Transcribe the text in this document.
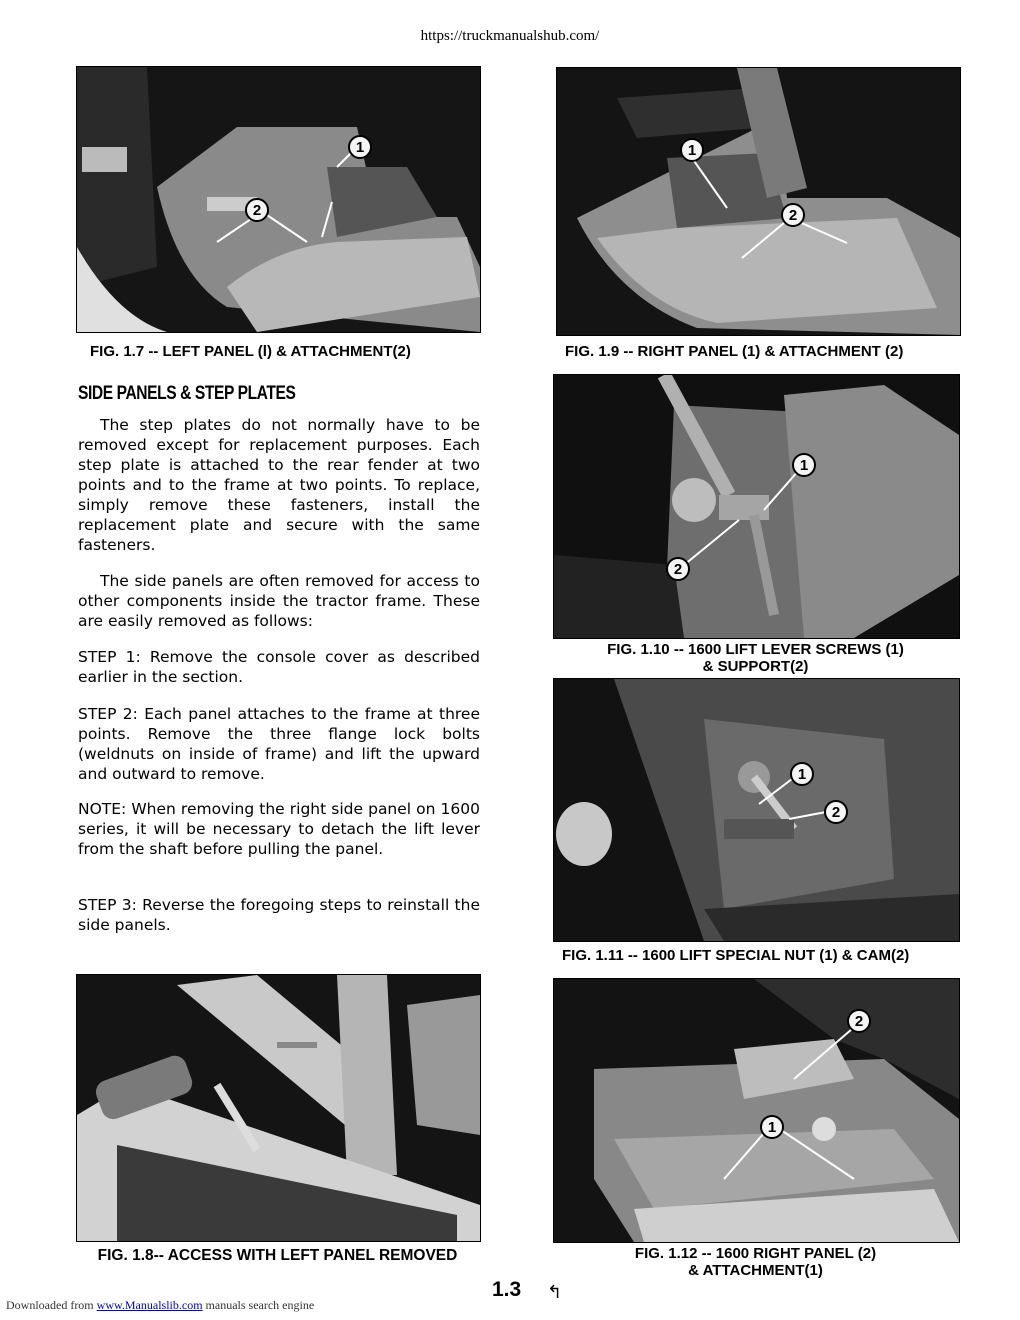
https://truckmanualshub.com/
1
2
FIG. 1.7 -- LEFT PANEL (l) & ATTACHMENT(2)
1
2
FIG. 1.9 -- RIGHT PANEL (1) & ATTACHMENT (2)
SIDE PANELS & STEP PLATES
The step plates do not normally have to be removed except for replacement purposes. Each step plate is attached to the rear fender at two points and to the frame at two points. To replace, simply remove these fasteners, install the replacement plate and secure with the same fasteners.
The side panels are often removed for access to other components inside the tractor frame. These are easily removed as follows:
STEP 1: Remove the console cover as described earlier in the section.
STEP 2: Each panel attaches to the frame at three points. Remove the three flange lock bolts (weldnuts on inside of frame) and lift the upward and outward to remove.
NOTE: When removing the right side panel on 1600 series, it will be necessary to detach the lift lever from the shaft before pulling the panel.
STEP 3: Reverse the foregoing steps to reinstall the side panels.
1
2
FIG. 1.10 -- 1600 LIFT LEVER SCREWS (1)
& SUPPORT(2)
1
2
FIG. 1.11 -- 1600 LIFT SPECIAL NUT (1) & CAM(2)
FIG. 1.8-- ACCESS WITH LEFT PANEL REMOVED
2
1
FIG. 1.12 -- 1600 RIGHT PANEL (2)
& ATTACHMENT(1)
1.3 ↰
Downloaded from www.Manualslib.com manuals search engine
